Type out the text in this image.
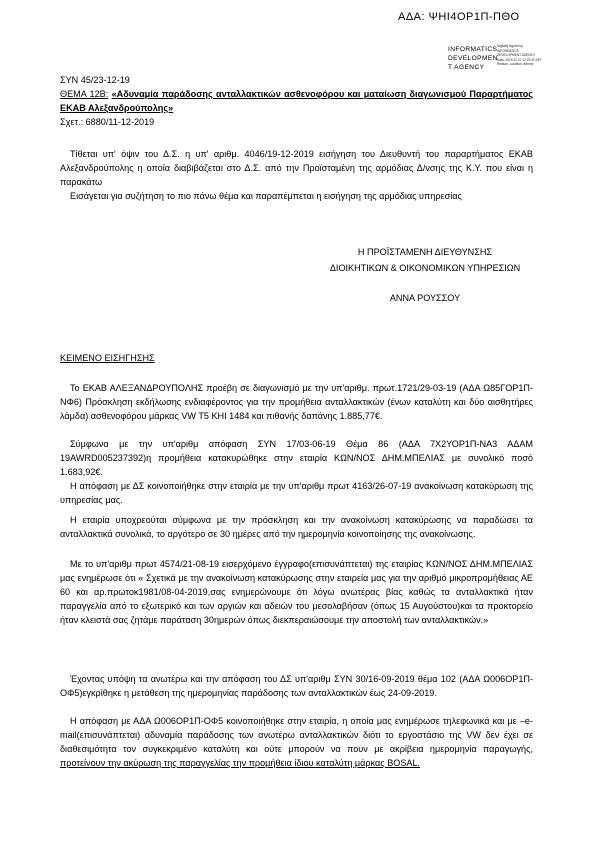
ΑΔΑ: ΨΗΙ4ΟΡ1Π-ΠΘΟ
INFORMATICS
DEVELOPMEN
T AGENCY
Digitally signed by INFORMATICS DEVELOPMENT AGENCY Date: 2019.12.27 12:22:31 EET Reason: Location: Athens
ΣΥΝ 45/23-12-19
ΘΕΜΑ 12Β: «Αδυναμία παράδοσης ανταλλακτικών ασθενοφόρου και ματαίωση διαγωνισμού Παραρτήματος ΕΚΑΒ Αλεξανδρούπολης»
Σχετ.: 6880/11-12-2019
Τίθεται υπ' όψιν του Δ.Σ. η υπ' αριθμ. 4046/19-12-2019 εισήγηση του Διευθυντή του παραρτήματος ΕΚΑΒ Αλεξανδρούπολης η οποία διαβιβάζεται στο Δ.Σ. από την Προϊσταμένη της αρμόδιας Δ/νσης της Κ.Υ. που είναι η παρακάτω
Εισάγεται για συζήτηση το πιο πάνω θέμα και παραπέμπεται η εισήγηση της αρμόδιας υπηρεσίας
Η ΠΡΟΪΣΤΑΜΕΝΗ ΔΙΕΥΘΥΝΣΗΣ
ΔΙΟΙΚΗΤΙΚΩΝ & ΟΙΚΟΝΟΜΙΚΩΝ ΥΠΗΡΕΣΙΩΝ
ΑΝΝΑ ΡΟΥΣΣΟΥ
ΚΕΙΜΕΝΟ ΕΙΣΗΓΗΣΗΣ
Το ΕΚΑΒ ΑΛΕΞΑΝΔΡΟΥΠΟΛΗΣ προέβη σε διαγωνισμό με την υπ'αριθμ. πρωτ.1721/29-03-19 (ΑΔΑ Ω85ΓΟΡ1Π-ΝΦ6) Πρόσκληση εκδήλωσης ενδιαφέροντος για την προμήθεια ανταλλακτικών (ένων καταλύτη και δύο αισθητήρες λάμδα) ασθενοφόρου μάρκας VW T5 ΚΗΙ 1484 και πιθανής δαπάνης 1.885,77€.
Σύμφωνα με την υπ'αριθμ απόφαση ΣΥΝ 17/03-06-19 Θέμα 86 (ΑΔΑ 7Χ2ΥΟΡ1Π-ΝΑ3 ΑΔΑΜ 19AWRD005237392)η προμήθεια κατακυρώθηκε στην εταιρία ΚΩΝ/ΝΟΣ ΔΗΜ.ΜΠΕΛΙΑΣ με συνολικό ποσό 1.683,92€.
Η απόφαση με ΔΣ κοινοποιήθηκε στην εταιρία με την υπ'αριθμ πρωτ 4163/26-07-19 ανακοίνωση κατακύρωση της υπηρεσίας μας.
Η εταιρία υποχρεούται σύμφωνα με την πρόσκληση και την ανακοίνωση κατακύρωσης να παραδώσει τα ανταλλακτικά συνολικά, το αργότερο σε 30 ημέρες από την ημερομηνία κοινοποίησης της ανακοίνωσης.
Με το υπ'αριθμ πρωτ 4574/21-08-19 εισερχόμενο έγγραφο(επισυνάπτεται) της εταιρίας ΚΩΝ/ΝΟΣ ΔΗΜ.ΜΠΕΛΙΑΣ μας ενημέρωσε ότι « Σχετικά με την ανακοίνωση κατακύρωσης στην εταιρεία μας για την αριθμό μικροπρομήθειας ΑΕ 60 και αρ.πρωτοκ1981/08-04-2019,σας ενημερώνουμε ότι λόγω ανωτέρας βίας καθώς τα ανταλλακτικά ήταν παραγγελία από το εξωτερικό και των αργιών και αδειών του μεσολαβήσαν (όπως 15 Αυγούστου)και τα προκτορείο ήταν κλειστά σας ζητάμε παράταση 30ημερών όπως διεκπεραιώσουμε την αποστολή των ανταλλακτικών.»
Έχοντας υπόψη τα ανωτέρω και την απόφαση του ΔΣ υπ'αριθμ ΣΥΝ 30/16-09-2019 θέμα 102 (ΑΔΑ Ω006ΟΡ1Π-ΟΦ5)εγκρίθηκε η μετάθεση της ημερομηνίας παράδοσης των ανταλλακτικών έως 24-09-2019.
Η απόφαση με ΑΔΑ Ω006ΟΡ1Π-ΟΦ5 κοινοποιήθηκε στην εταιρία, η οποία μας ενημέρωσε τηλεφωνικά και με –e-mail(επισυνάπτεται) αδυναμία παράδοσης των ανωτέρω ανταλλακτικών διότι το εργοστάσιο της VW δεν έχει σε διαθεσιμότητα τον συγκεκριμένο καταλύτη και ούτε μπορούν να πουν με ακρίβεια ημερομηνία παραγωγής, προτείνουν την ακύρωση της παραγγελίας την προμήθεια ίδιου καταλύτη μάρκας BOSAL.
